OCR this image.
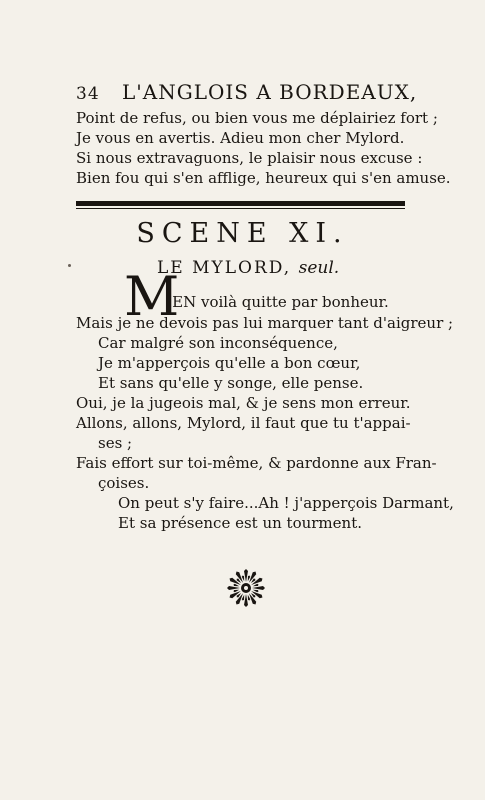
34 L'ANGLOIS A BORDEAUX,
Point de refus, ou bien vous me déplairiez fort ;
Je vous en avertis. Adieu mon cher Mylord.
Si nous extravaguons, le plaisir nous excuse :
Bien fou qui s'en afflige, heureux qui s'en amuse.
SCENE XI.
LE MYLORD, seul.
M
'EN voilà quitte par bonheur.
Mais je ne devois pas lui marquer tant d'aigreur ;
Car malgré son inconséquence,
Je m'apperçois qu'elle a bon cœur,
Et sans qu'elle y songe, elle pense.
Oui, je la jugeois mal, & je sens mon erreur.
Allons, allons, Mylord, il faut que tu t'appai-
ses ;
Fais effort sur toi-même, & pardonne aux Fran-
çoises.
On peut s'y faire...Ah ! j'apperçois Darmant,
Et sa présence est un tourment.
